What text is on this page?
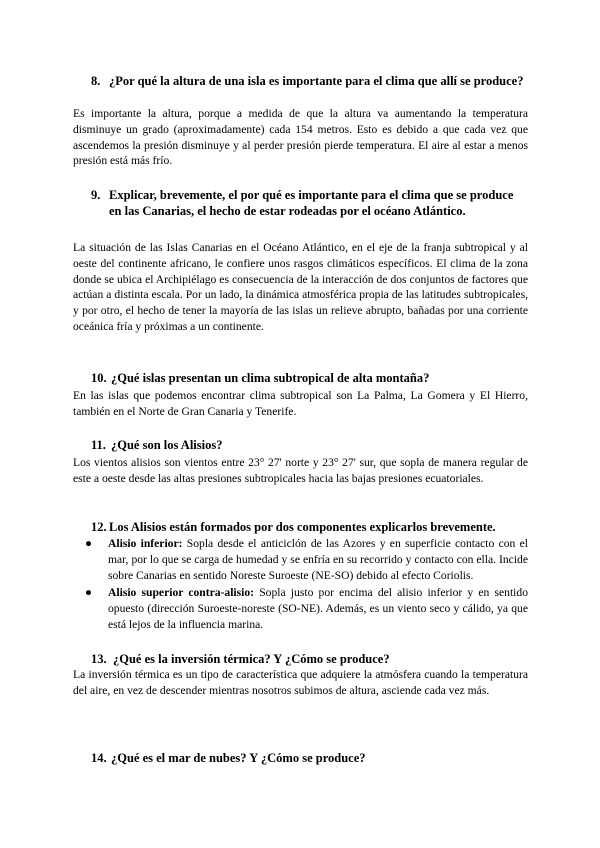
8. ¿Por qué la altura de una isla es importante para el clima que allí se produce?
Es importante la altura, porque a medida de que la altura va aumentando la temperatura disminuye un grado (aproximadamente) cada 154 metros. Esto es debido a que cada vez que ascendemos la presión disminuye y al perder presión pierde temperatura. El aire al estar a menos presión está más frío.
9. Explicar, brevemente, el por qué es importante para el clima que se produce en las Canarias, el hecho de estar rodeadas por el océano Atlántico.
La situación de las Islas Canarias en el Océano Atlántico, en el eje de la franja subtropical y al oeste del continente africano, le confiere unos rasgos climáticos específicos. El clima de la zona donde se ubica el Archipiélago es consecuencia de la interacción de dos conjuntos de factores que actúan a distinta escala. Por un lado, la dinámica atmosférica propia de las latitudes subtropicales, y por otro, el hecho de tener la mayoría de las islas un relieve abrupto, bañadas por una corriente oceánica fría y próximas a un continente.
10. ¿Qué islas presentan un clima subtropical de alta montaña?
En las islas que podemos encontrar clima subtropical son La Palma, La Gomera y El Hierro, también en el Norte de Gran Canaria y Tenerife.
11. ¿Qué son los Alisios?
Los vientos alisios son vientos entre 23° 27' norte y 23° 27' sur, que sopla de manera regular de este a oeste desde las altas presiones subtropicales hacia las bajas presiones ecuatoriales.
12. Los Alisios están formados por dos componentes explicarlos brevemente.
● Alisio inferior: Sopla desde el anticiclón de las Azores y en superficie contacto con el mar, por lo que se carga de humedad y se enfría en su recorrido y contacto con ella. Incide sobre Canarias en sentido Noreste Suroeste (NE-SO) debido al efecto Coriolis.
● Alisio superior contra-alisio: Sopla justo por encima del alisio inferior y en sentido opuesto (dirección Suroeste-noreste (SO-NE). Además, es un viento seco y cálido, ya que está lejos de la influencia marina.
13. ¿Qué es la inversión térmica? Y ¿Cómo se produce?
La inversión térmica es un tipo de característica que adquiere la atmósfera cuando la temperatura del aire, en vez de descender mientras nosotros subimos de altura, asciende cada vez más.
14. ¿Qué es el mar de nubes? Y ¿Cómo se produce?
